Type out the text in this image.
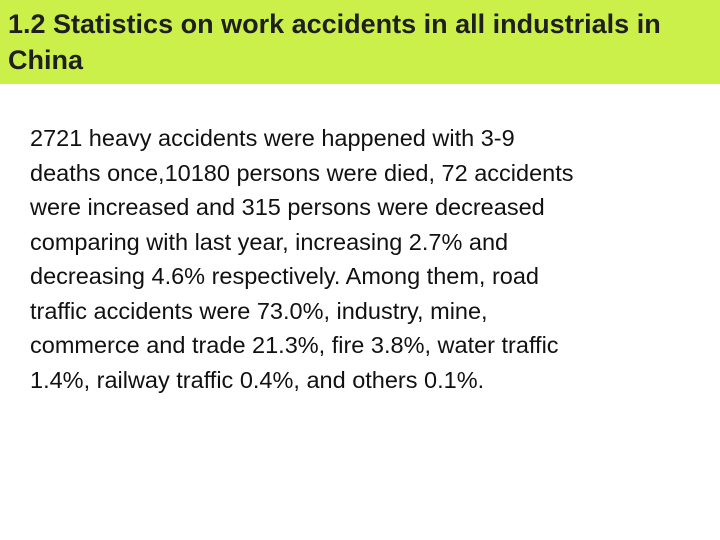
1.2 Statistics on work accidents in all industrials in China

2721 heavy accidents were happened with 3-9
deaths once,10180 persons were died, 72 accidents
were increased and 315 persons were decreased
comparing with last year, increasing 2.7% and
decreasing 4.6% respectively. Among them, road
traffic accidents were 73.0%, industry, mine,
commerce and trade 21.3%, fire 3.8%, water traffic
1.4%, railway traffic 0.4%, and others 0.1%.
